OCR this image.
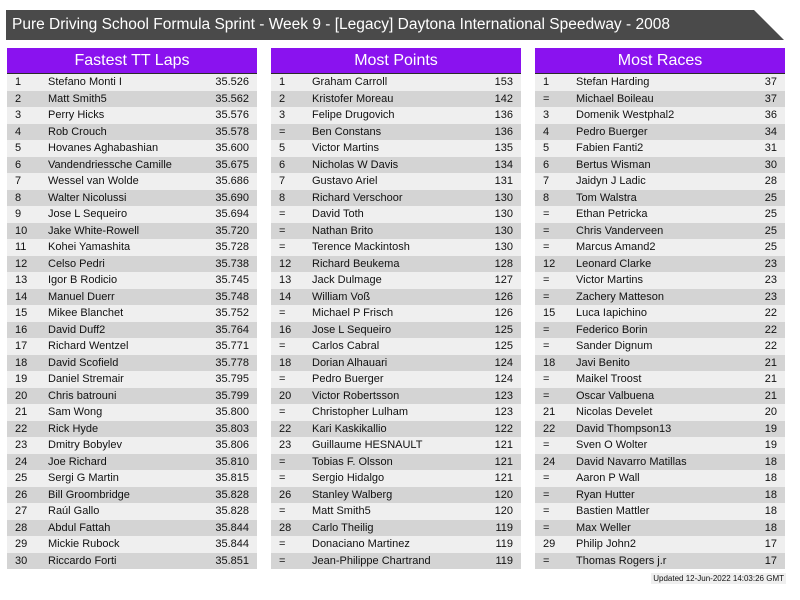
Pure Driving School Formula Sprint - Week 9 - [Legacy] Daytona International Speedway - 2008
Fastest TT Laps
1 Stefano Monti I	35.526
2 Matt Smith5	35.562
3 Perry Hicks	35.576
4 Rob Crouch	35.578
5 Hovanes Aghabashian	35.600
6 Vandendriessche Camille	35.675
7 Wessel van Wolde	35.686
8 Walter Nicolussi	35.690
9 Jose L Sequeiro	35.694
10 Jake White-Rowell	35.720
11 Kohei Yamashita	35.728
12 Celso Pedri	35.738
13 Igor B Rodicio	35.745
14 Manuel Duerr	35.748
15 Mikee Blanchet	35.752
16 David Duff2	35.764
17 Richard Wentzel	35.771
18 David Scofield	35.778
19 Daniel Stremair	35.795
20 Chris batrouni	35.799
21 Sam Wong	35.800
22 Rick Hyde	35.803
23 Dmitry Bobylev	35.806
24 Joe Richard	35.810
25 Sergi G Martin	35.815
26 Bill Groombridge	35.828
27 Raúl Gallo	35.828
28 Abdul Fattah	35.844
29 Mickie Rubock	35.844
30 Riccardo Forti	35.851
Most Points
1 Graham Carroll	153
2 Kristofer Moreau	142
3 Felipe Drugovich	136
= Ben Constans	136
5 Victor Martins	135
6 Nicholas W Davis	134
7 Gustavo Ariel	131
8 Richard Verschoor	130
= David Toth	130
= Nathan Brito	130
= Terence Mackintosh	130
12 Richard Beukema	128
13 Jack Dulmage	127
14 William Voß	126
= Michael P Frisch	126
16 Jose L Sequeiro	125
= Carlos Cabral	125
18 Dorian Alhauari	124
= Pedro Buerger	124
20 Victor Robertsson	123
= Christopher Lulham	123
22 Kari Kaskikallio	122
23 Guillaume HESNAULT	121
= Tobias F. Olsson	121
= Sergio Hidalgo	121
26 Stanley Walberg	120
= Matt Smith5	120
28 Carlo Theilig	119
= Donaciano Martinez	119
= Jean-Philippe Chartrand	119
Most Races
1 Stefan Harding	37
= Michael Boileau	37
3 Domenik Westphal2	36
4 Pedro Buerger	34
5 Fabien Fanti2	31
6 Bertus Wisman	30
7 Jaidyn J Ladic	28
8 Tom Walstra	25
= Ethan Petricka	25
= Chris Vanderveen	25
= Marcus Amand2	25
12 Leonard Clarke	23
= Victor Martins	23
= Zachery Matteson	23
15 Luca Iapichino	22
= Federico Borin	22
= Sander Dignum	22
18 Javi Benito	21
= Maikel Troost	21
= Oscar Valbuena	21
21 Nicolas Develet	20
22 David Thompson13	19
= Sven O Wolter	19
24 David Navarro Matillas	18
= Aaron P Wall	18
= Ryan Hutter	18
= Bastien Mattler	18
= Max Weller	18
29 Philip John2	17
= Thomas Rogers j.r	17
Updated 12-Jun-2022 14:03:26 GMT
